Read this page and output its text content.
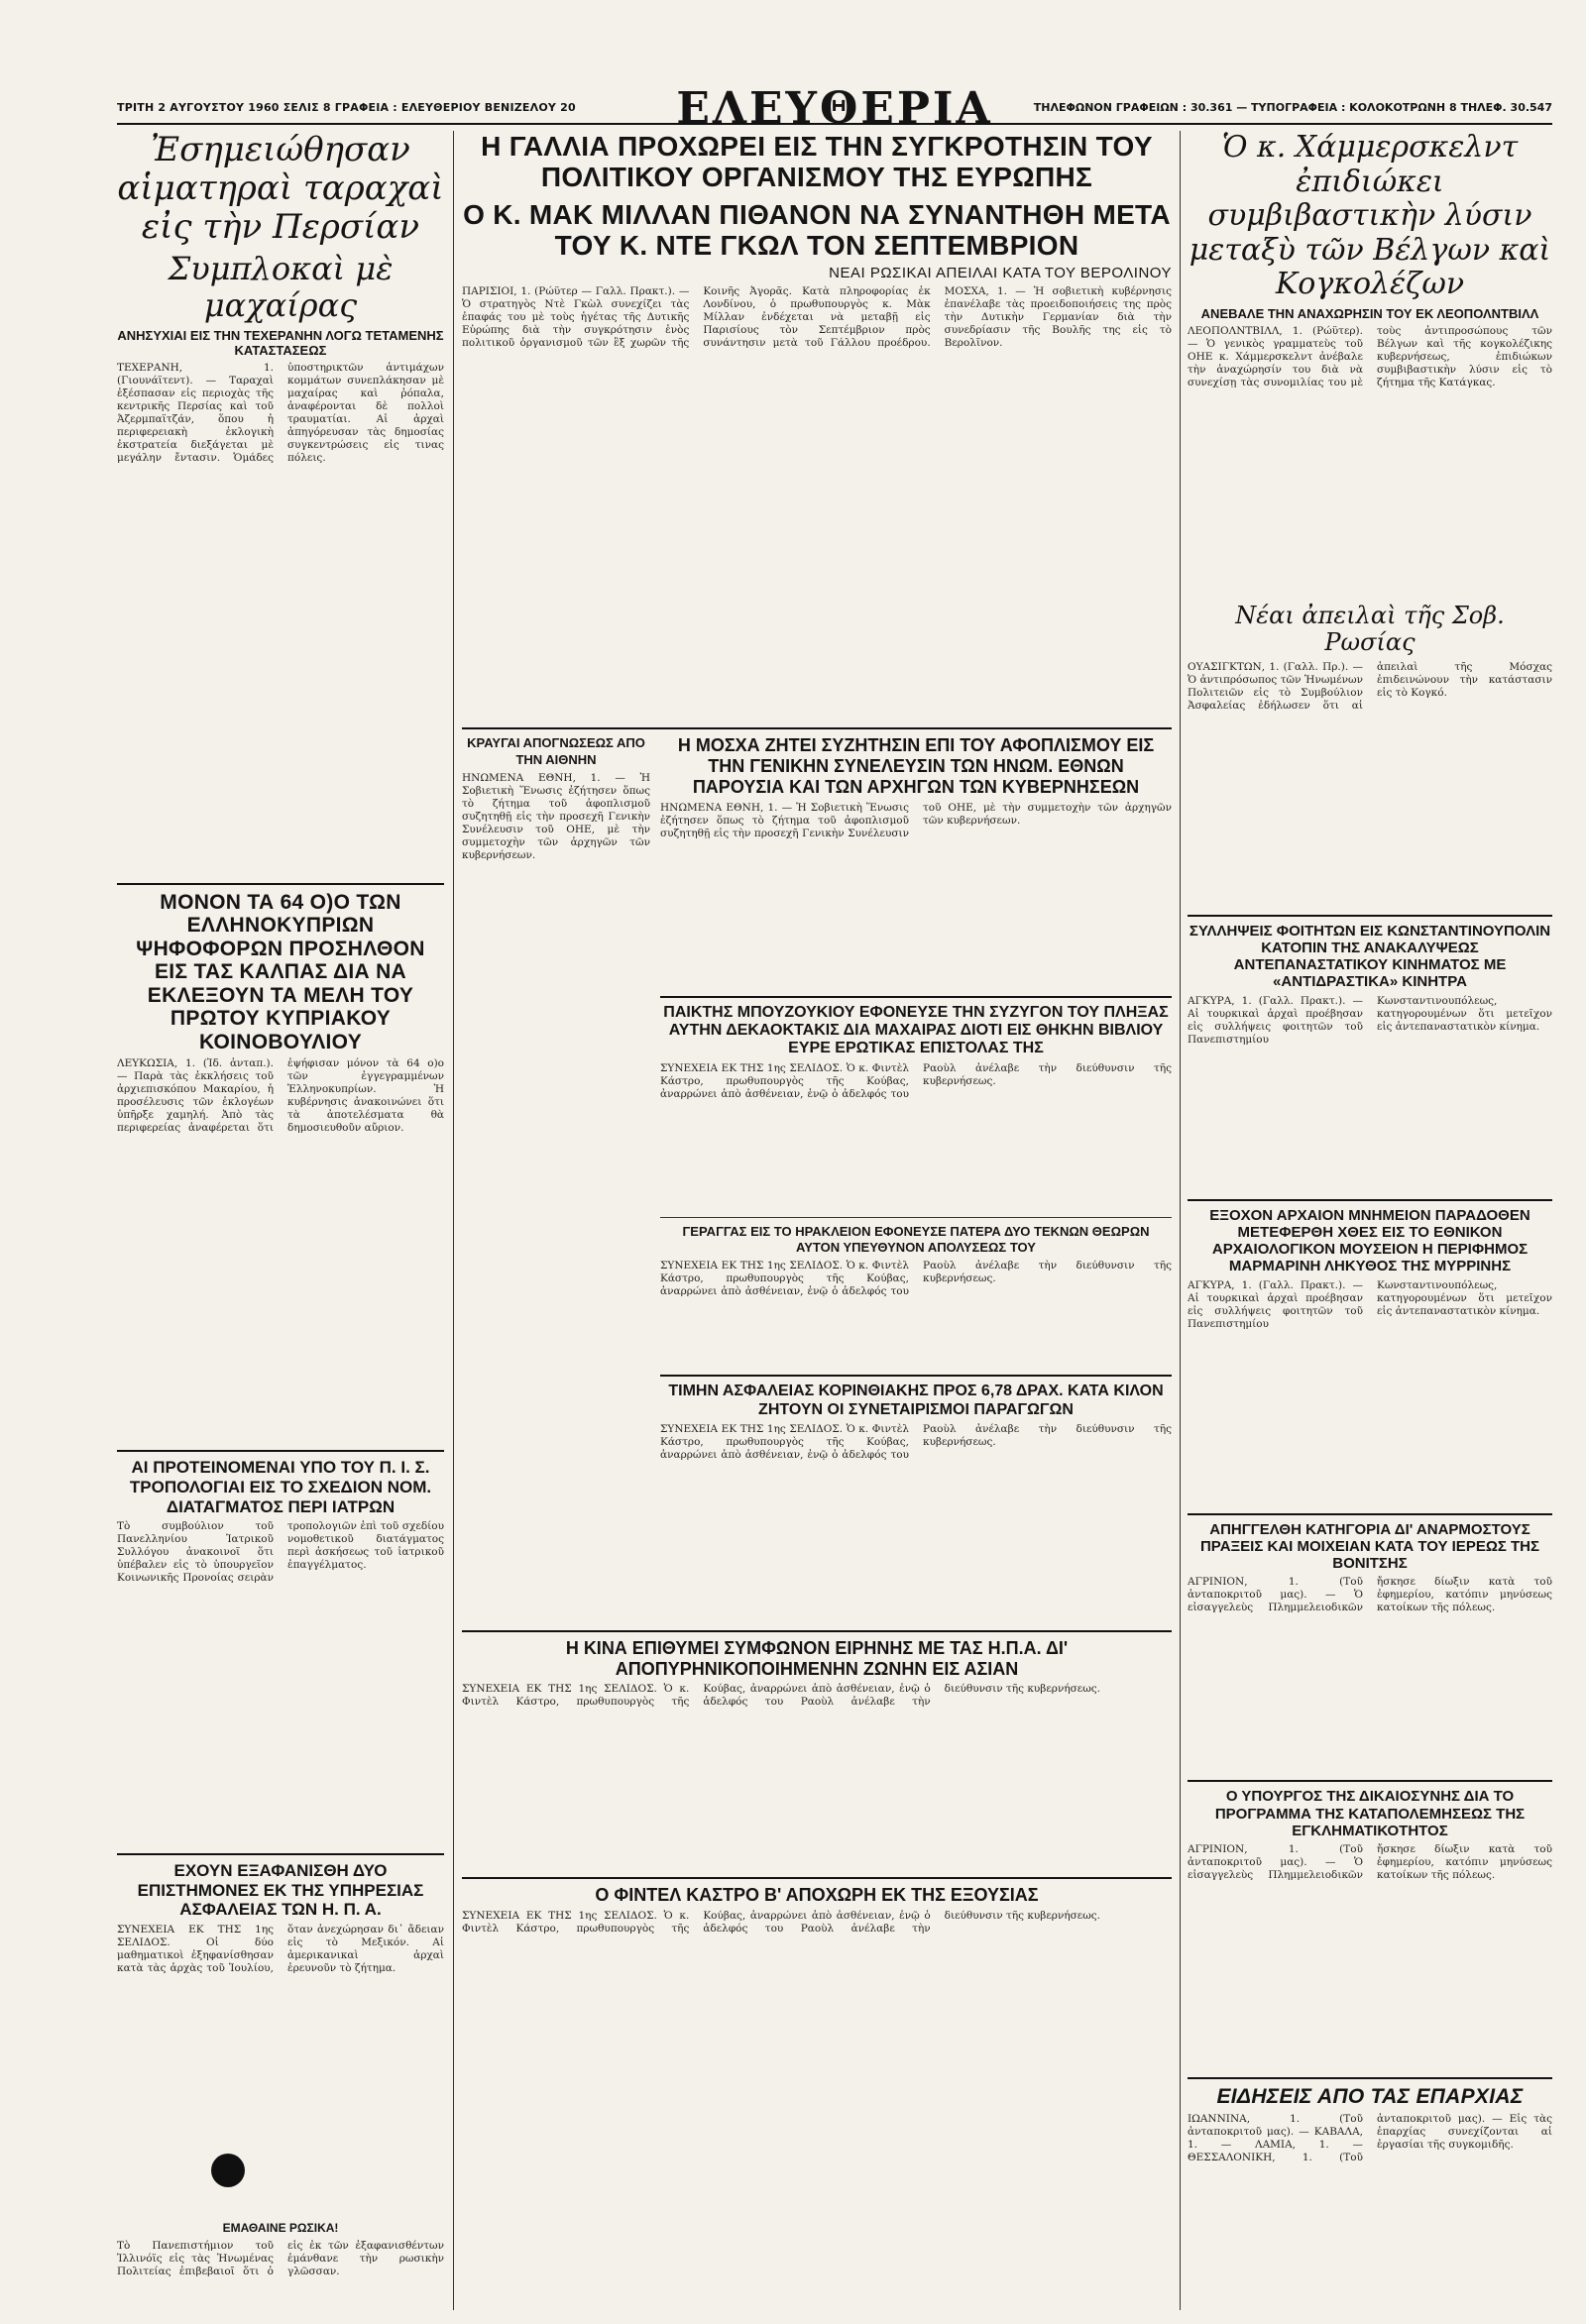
ΤΡΙΤΗ 2 ΑΥΓΟΥΣΤΟΥ 1960 ΣΕΛΙΣ 8 ΓΡΑΦΕΙΑ : ΕΛΕΥΘΕΡΙΟΥ ΒΕΝΙΖΕΛΟΥ 20	ΕΛΕΥΘΕΡΙΑ	ΤΗΛΕΦΩΝΟΝ ΓΡΑΦΕΙΩΝ : 30.361 — ΤΥΠΟΓΡΑΦΕΙΑ : ΚΟΛΟΚΟΤΡΩΝΗ 8 ΤΗΛΕΦ. 30.547
Ἐσημειώθησαν αἱματηραὶ ταραχαὶ εἰς τὴν Περσίαν
Συμπλοκαὶ μὲ μαχαίρας
ΑΝΗΣΥΧΙΑΙ ΕΙΣ ΤΗΝ ΤΕΧΕΡΑΝΗΝ ΛΟΓΩ ΤΕΤΑΜΕΝΗΣ ΚΑΤΑΣΤΑΣΕΩΣ
ΤΕΧΕΡΑΝΗ, 1. (Γιουνάϊτεντ). — Ταραχαὶ ἐξέσπασαν εἰς περιοχὰς τῆς κεντρικῆς Περσίας καὶ τοῦ Ἀζερμπαϊτζάν, ὅπου ἡ περιφερειακὴ ἐκλογικὴ ἐκστρατεία διεξάγεται μὲ μεγάλην ἔντασιν. Ὁμάδες ὑποστηρικτῶν ἀντιμάχων κομμάτων συνεπλάκησαν μὲ μαχαίρας καὶ ῥόπαλα, ἀναφέρονται δὲ πολλοὶ τραυματίαι. Αἱ ἀρχαὶ ἀπηγόρευσαν τὰς δημοσίας συγκεντρώσεις εἰς τινας πόλεις.
ΜΟΝΟΝ ΤΑ 64 Ο)Ο ΤΩΝ ΕΛΛΗΝΟΚΥΠΡΙΩΝ ΨΗΦΟΦΟΡΩΝ ΠΡΟΣΗΛΘΟΝ ΕΙΣ ΤΑΣ ΚΑΛΠΑΣ ΔΙΑ ΝΑ ΕΚΛΕΞΟΥΝ ΤΑ ΜΕΛΗ ΤΟΥ ΠΡΩΤΟΥ ΚΥΠΡΙΑΚΟΥ ΚΟΙΝΟΒΟΥΛΙΟΥ
ΛΕΥΚΩΣΙΑ, 1. (Ἰδ. ἀνταπ.). — Παρὰ τὰς ἐκκλήσεις τοῦ ἀρχιεπισκόπου Μακαρίου, ἡ προσέλευσις τῶν ἐκλογέων ὑπῆρξε χαμηλή. Ἀπὸ τὰς περιφερείας ἀναφέρεται ὅτι ἐψήφισαν μόνον τὰ 64 ο)ο τῶν ἐγγεγραμμένων Ἑλληνοκυπρίων. Ἡ κυβέρνησις ἀνακοινώνει ὅτι τὰ ἀποτελέσματα θὰ δημοσιευθοῦν αὔριον.
ΑΙ ΠΡΟΤΕΙΝΟΜΕΝΑΙ ΥΠΟ ΤΟΥ Π. Ι. Σ. ΤΡΟΠΟΛΟΓΙΑΙ ΕΙΣ ΤΟ ΣΧΕΔΙΟΝ ΝΟΜ. ΔΙΑΤΑΓΜΑΤΟΣ ΠΕΡΙ ΙΑΤΡΩΝ
Τὸ συμβούλιον τοῦ Πανελληνίου Ἰατρικοῦ Συλλόγου ἀνακοινοῖ ὅτι ὑπέβαλεν εἰς τὸ ὑπουργεῖον Κοινωνικῆς Προνοίας σειρὰν τροπολογιῶν ἐπὶ τοῦ σχεδίου νομοθετικοῦ διατάγματος περὶ ἀσκήσεως τοῦ ἰατρικοῦ ἐπαγγέλματος.
ΕΧΟΥΝ ΕΞΑΦΑΝΙΣΘΗ ΔΥΟ ΕΠΙΣΤΗΜΟΝΕΣ ΕΚ ΤΗΣ ΥΠΗΡΕΣΙΑΣ ΑΣΦΑΛΕΙΑΣ ΤΩΝ Η. Π. Α.
ΣΥΝΕΧΕΙΑ ΕΚ ΤΗΣ 1ης ΣΕΛΙΔΟΣ. Οἱ δύο μαθηματικοὶ ἐξηφανίσθησαν κατὰ τὰς ἀρχὰς τοῦ Ἰουλίου, ὅταν ἀνεχώρησαν δι᾽ ἄδειαν εἰς τὸ Μεξικόν. Αἱ ἀμερικανικαὶ ἀρχαὶ ἐρευνοῦν τὸ ζήτημα.
ΕΜΑΘΑΙΝΕ ΡΩΣΙΚΑ!
Τὸ Πανεπιστήμιον τοῦ Ἰλλινόϊς εἰς τὰς Ἡνωμένας Πολιτείας ἐπιβεβαιοῖ ὅτι ὁ εἷς ἐκ τῶν ἐξαφανισθέντων ἐμάνθανε τὴν ρωσικὴν γλῶσσαν.
Η ΓΑΛΛΙΑ ΠΡΟΧΩΡΕΙ ΕΙΣ ΤΗΝ ΣΥΓΚΡΟΤΗΣΙΝ ΤΟΥ ΠΟΛΙΤΙΚΟΥ ΟΡΓΑΝΙΣΜΟΥ ΤΗΣ ΕΥΡΩΠΗΣ
Ο Κ. ΜΑΚ ΜΙΛΛΑΝ ΠΙΘΑΝΟΝ ΝΑ ΣΥΝΑΝΤΗΘΗ ΜΕΤΑ ΤΟΥ Κ. ΝΤΕ ΓΚΩΛ ΤΟΝ ΣΕΠΤΕΜΒΡΙΟΝ
ΝΕΑΙ ΡΩΣΙΚΑΙ ΑΠΕΙΛΑΙ ΚΑΤΑ ΤΟΥ ΒΕΡΟΛΙΝΟΥ
ΠΑΡΙΣΙΟΙ, 1. (Ρώϋτερ — Γαλλ. Πρακτ.). — Ὁ στρατηγὸς Ντὲ Γκὼλ συνεχίζει τὰς ἐπαφάς του μὲ τοὺς ἡγέτας τῆς Δυτικῆς Εὐρώπης διὰ τὴν συγκρότησιν ἑνὸς πολιτικοῦ ὀργανισμοῦ τῶν ἓξ χωρῶν τῆς Κοινῆς Ἀγορᾶς. Κατὰ πληροφορίας ἐκ Λονδίνου, ὁ πρωθυπουργὸς κ. Μὰκ Μίλλαν ἐνδέχεται νὰ μεταβῇ εἰς Παρισίους τὸν Σεπτέμβριον πρὸς συνάντησιν μετὰ τοῦ Γάλλου προέδρου. ΜΟΣΧΑ, 1. — Ἡ σοβιετικὴ κυβέρνησις ἐπανέλαβε τὰς προειδοποιήσεις της πρὸς τὴν Δυτικὴν Γερμανίαν διὰ τὴν συνεδρίασιν τῆς Βουλῆς της εἰς τὸ Βερολῖνον.
ΚΡΑΥΓΑΙ ΑΠΟΓΝΩΣΕΩΣ ΑΠΟ ΤΗΝ ΑΙΘΝΗΝ
ΗΝΩΜΕΝΑ ΕΘΝΗ, 1. — Ἡ Σοβιετικὴ Ἕνωσις ἐζήτησεν ὅπως τὸ ζήτημα τοῦ ἀφοπλισμοῦ συζητηθῇ εἰς τὴν προσεχῆ Γενικὴν Συνέλευσιν τοῦ ΟΗΕ, μὲ τὴν συμμετοχὴν τῶν ἀρχηγῶν τῶν κυβερνήσεων.
Η ΜΟΣΧΑ ΖΗΤΕΙ ΣΥΖΗΤΗΣΙΝ ΕΠΙ ΤΟΥ ΑΦΟΠΛΙΣΜΟΥ ΕΙΣ ΤΗΝ ΓΕΝΙΚΗΝ ΣΥΝΕΛΕΥΣΙΝ ΤΩΝ ΗΝΩΜ. ΕΘΝΩΝ ΠΑΡΟΥΣΙΑ ΚΑΙ ΤΩΝ ΑΡΧΗΓΩΝ ΤΩΝ ΚΥΒΕΡΝΗΣΕΩΝ
ΗΝΩΜΕΝΑ ΕΘΝΗ, 1. — Ἡ Σοβιετικὴ Ἕνωσις ἐζήτησεν ὅπως τὸ ζήτημα τοῦ ἀφοπλισμοῦ συζητηθῇ εἰς τὴν προσεχῆ Γενικὴν Συνέλευσιν τοῦ ΟΗΕ, μὲ τὴν συμμετοχὴν τῶν ἀρχηγῶν τῶν κυβερνήσεων.
ΠΑΙΚΤΗΣ ΜΠΟΥΖΟΥΚΙΟΥ ΕΦΟΝΕΥΣΕ ΤΗΝ ΣΥΖΥΓΟΝ ΤΟΥ ΠΛΗΞΑΣ ΑΥΤΗΝ ΔΕΚΑΟΚΤΑΚΙΣ ΔΙΑ ΜΑΧΑΙΡΑΣ ΔΙΟΤΙ ΕΙΣ ΘΗΚΗΝ ΒΙΒΛΙΟΥ ΕΥΡΕ ΕΡΩΤΙΚΑΣ ΕΠΙΣΤΟΛΑΣ ΤΗΣ
ΣΥΝΕΧΕΙΑ ΕΚ ΤΗΣ 1ης ΣΕΛΙΔΟΣ. Ὁ κ. Φιντὲλ Κάστρο, πρωθυπουργὸς τῆς Κούβας, ἀναρρώνει ἀπὸ ἀσθένειαν, ἐνῷ ὁ ἀδελφός του Ραοὺλ ἀνέλαβε τὴν διεύθυνσιν τῆς κυβερνήσεως.
ΓΕΡΑΓΓΑΣ ΕΙΣ ΤΟ ΗΡΑΚΛΕΙΟΝ ΕΦΟΝΕΥΣΕ ΠΑΤΕΡΑ ΔΥΟ ΤΕΚΝΩΝ ΘΕΩΡΩΝ ΑΥΤΟΝ ΥΠΕΥΘΥΝΟΝ ΑΠΟΛΥΣΕΩΣ ΤΟΥ
ΣΥΝΕΧΕΙΑ ΕΚ ΤΗΣ 1ης ΣΕΛΙΔΟΣ. Ὁ κ. Φιντὲλ Κάστρο, πρωθυπουργὸς τῆς Κούβας, ἀναρρώνει ἀπὸ ἀσθένειαν, ἐνῷ ὁ ἀδελφός του Ραοὺλ ἀνέλαβε τὴν διεύθυνσιν τῆς κυβερνήσεως.
ΤΙΜΗΝ ΑΣΦΑΛΕΙΑΣ ΚΟΡΙΝΘΙΑΚΗΣ ΠΡΟΣ 6,78 ΔΡΑΧ. ΚΑΤΑ ΚΙΛΟΝ ΖΗΤΟΥΝ ΟΙ ΣΥΝΕΤΑΙΡΙΣΜΟΙ ΠΑΡΑΓΩΓΩΝ
ΣΥΝΕΧΕΙΑ ΕΚ ΤΗΣ 1ης ΣΕΛΙΔΟΣ. Ὁ κ. Φιντὲλ Κάστρο, πρωθυπουργὸς τῆς Κούβας, ἀναρρώνει ἀπὸ ἀσθένειαν, ἐνῷ ὁ ἀδελφός του Ραοὺλ ἀνέλαβε τὴν διεύθυνσιν τῆς κυβερνήσεως.
Η ΚΙΝΑ ΕΠΙΘΥΜΕΙ ΣΥΜΦΩΝΟΝ ΕΙΡΗΝΗΣ ΜΕ ΤΑΣ Η.Π.Α. ΔΙ' ΑΠΟΠΥΡΗΝΙΚΟΠΟΙΗΜΕΝΗΝ ΖΩΝΗΝ ΕΙΣ ΑΣΙΑΝ
ΣΥΝΕΧΕΙΑ ΕΚ ΤΗΣ 1ης ΣΕΛΙΔΟΣ. Ὁ κ. Φιντὲλ Κάστρο, πρωθυπουργὸς τῆς Κούβας, ἀναρρώνει ἀπὸ ἀσθένειαν, ἐνῷ ὁ ἀδελφός του Ραοὺλ ἀνέλαβε τὴν διεύθυνσιν τῆς κυβερνήσεως.
Ο ΦΙΝΤΕΛ ΚΑΣΤΡΟ Β' ΑΠΟΧΩΡΗ ΕΚ ΤΗΣ ΕΞΟΥΣΙΑΣ
ΣΥΝΕΧΕΙΑ ΕΚ ΤΗΣ 1ης ΣΕΛΙΔΟΣ. Ὁ κ. Φιντὲλ Κάστρο, πρωθυπουργὸς τῆς Κούβας, ἀναρρώνει ἀπὸ ἀσθένειαν, ἐνῷ ὁ ἀδελφός του Ραοὺλ ἀνέλαβε τὴν διεύθυνσιν τῆς κυβερνήσεως.
Ὁ κ. Χάμμερσκελντ ἐπιδιώκει συμβιβαστικὴν λύσιν μεταξὺ τῶν Βέλγων καὶ Κογκολέζων
ΑΝΕΒΑΛΕ ΤΗΝ ΑΝΑΧΩΡΗΣΙΝ ΤΟΥ ΕΚ ΛΕΟΠΟΛΝΤΒΙΛΛ
ΛΕΟΠΟΛΝΤΒΙΛΛ, 1. (Ρώϋτερ). — Ὁ γενικὸς γραμματεὺς τοῦ ΟΗΕ κ. Χάμμερσκελντ ἀνέβαλε τὴν ἀναχώρησίν του διὰ νὰ συνεχίσῃ τὰς συνομιλίας του μὲ τοὺς ἀντιπροσώπους τῶν Βέλγων καὶ τῆς κογκολέζικης κυβερνήσεως, ἐπιδιώκων συμβιβαστικὴν λύσιν εἰς τὸ ζήτημα τῆς Κατάγκας.
Νέαι ἀπειλαὶ τῆς Σοβ. Ρωσίας
ΟΥΑΣΙΓΚΤΩΝ, 1. (Γαλλ. Πρ.). — Ὁ ἀντιπρόσωπος τῶν Ἡνωμένων Πολιτειῶν εἰς τὸ Συμβούλιον Ἀσφαλείας ἐδήλωσεν ὅτι αἱ ἀπειλαὶ τῆς Μόσχας ἐπιδεινώνουν τὴν κατάστασιν εἰς τὸ Κογκό.
ΣΥΛΛΗΨΕΙΣ ΦΟΙΤΗΤΩΝ ΕΙΣ ΚΩΝΣΤΑΝΤΙΝΟΥΠΟΛΙΝ ΚΑΤΟΠΙΝ ΤΗΣ ΑΝΑΚΑΛΥΨΕΩΣ ΑΝΤΕΠΑΝΑΣΤΑΤΙΚΟΥ ΚΙΝΗΜΑΤΟΣ ΜΕ «ΑΝΤΙΔΡΑΣΤΙΚΑ» ΚΙΝΗΤΡΑ
ΑΓΚΥΡΑ, 1. (Γαλλ. Πρακτ.). — Αἱ τουρκικαὶ ἀρχαὶ προέβησαν εἰς συλλήψεις φοιτητῶν τοῦ Πανεπιστημίου Κωνσταντινουπόλεως, κατηγορουμένων ὅτι μετεῖχον εἰς ἀντεπαναστατικὸν κίνημα.
ΕΞΟΧΟΝ ΑΡΧΑΙΟΝ ΜΝΗΜΕΙΟΝ ΠΑΡΑΔΟΘΕΝ ΜΕΤΕΦΕΡΘΗ ΧΘΕΣ ΕΙΣ ΤΟ ΕΘΝΙΚΟΝ ΑΡΧΑΙΟΛΟΓΙΚΟΝ ΜΟΥΣΕΙΟΝ Η ΠΕΡΙΦΗΜΟΣ ΜΑΡΜΑΡΙΝΗ ΛΗΚΥΘΟΣ ΤΗΣ ΜΥΡΡΙΝΗΣ
ΑΓΚΥΡΑ, 1. (Γαλλ. Πρακτ.). — Αἱ τουρκικαὶ ἀρχαὶ προέβησαν εἰς συλλήψεις φοιτητῶν τοῦ Πανεπιστημίου Κωνσταντινουπόλεως, κατηγορουμένων ὅτι μετεῖχον εἰς ἀντεπαναστατικὸν κίνημα.
ΑΠΗΓΓΕΛΘΗ ΚΑΤΗΓΟΡΙΑ ΔΙ' ΑΝΑΡΜΟΣΤΟΥΣ ΠΡΑΞΕΙΣ ΚΑΙ ΜΟΙΧΕΙΑΝ ΚΑΤΑ ΤΟΥ ΙΕΡΕΩΣ ΤΗΣ ΒΟΝΙΤΣΗΣ
ΑΓΡΙΝΙΟΝ, 1. (Τοῦ ἀνταποκριτοῦ μας). — Ὁ εἰσαγγελεὺς Πλημμελειοδικῶν ἤσκησε δίωξιν κατὰ τοῦ ἐφημερίου, κατόπιν μηνύσεως κατοίκων τῆς πόλεως.
Ο ΥΠΟΥΡΓΟΣ ΤΗΣ ΔΙΚΑΙΟΣΥΝΗΣ ΔΙΑ ΤΟ ΠΡΟΓΡΑΜΜΑ ΤΗΣ ΚΑΤΑΠΟΛΕΜΗΣΕΩΣ ΤΗΣ ΕΓΚΛΗΜΑΤΙΚΟΤΗΤΟΣ
ΑΓΡΙΝΙΟΝ, 1. (Τοῦ ἀνταποκριτοῦ μας). — Ὁ εἰσαγγελεὺς Πλημμελειοδικῶν ἤσκησε δίωξιν κατὰ τοῦ ἐφημερίου, κατόπιν μηνύσεως κατοίκων τῆς πόλεως.
ΕΙΔΗΣΕΙΣ ΑΠΟ ΤΑΣ ΕΠΑΡΧΙΑΣ
ΙΩΑΝΝΙΝΑ, 1. (Τοῦ ἀνταποκριτοῦ μας). — ΚΑΒΑΛΑ, 1. — ΛΑΜΙΑ, 1. — ΘΕΣΣΑΛΟΝΙΚΗ, 1. (Τοῦ ἀνταποκριτοῦ μας). — Εἰς τὰς ἐπαρχίας συνεχίζονται αἱ ἐργασίαι τῆς συγκομιδῆς.
